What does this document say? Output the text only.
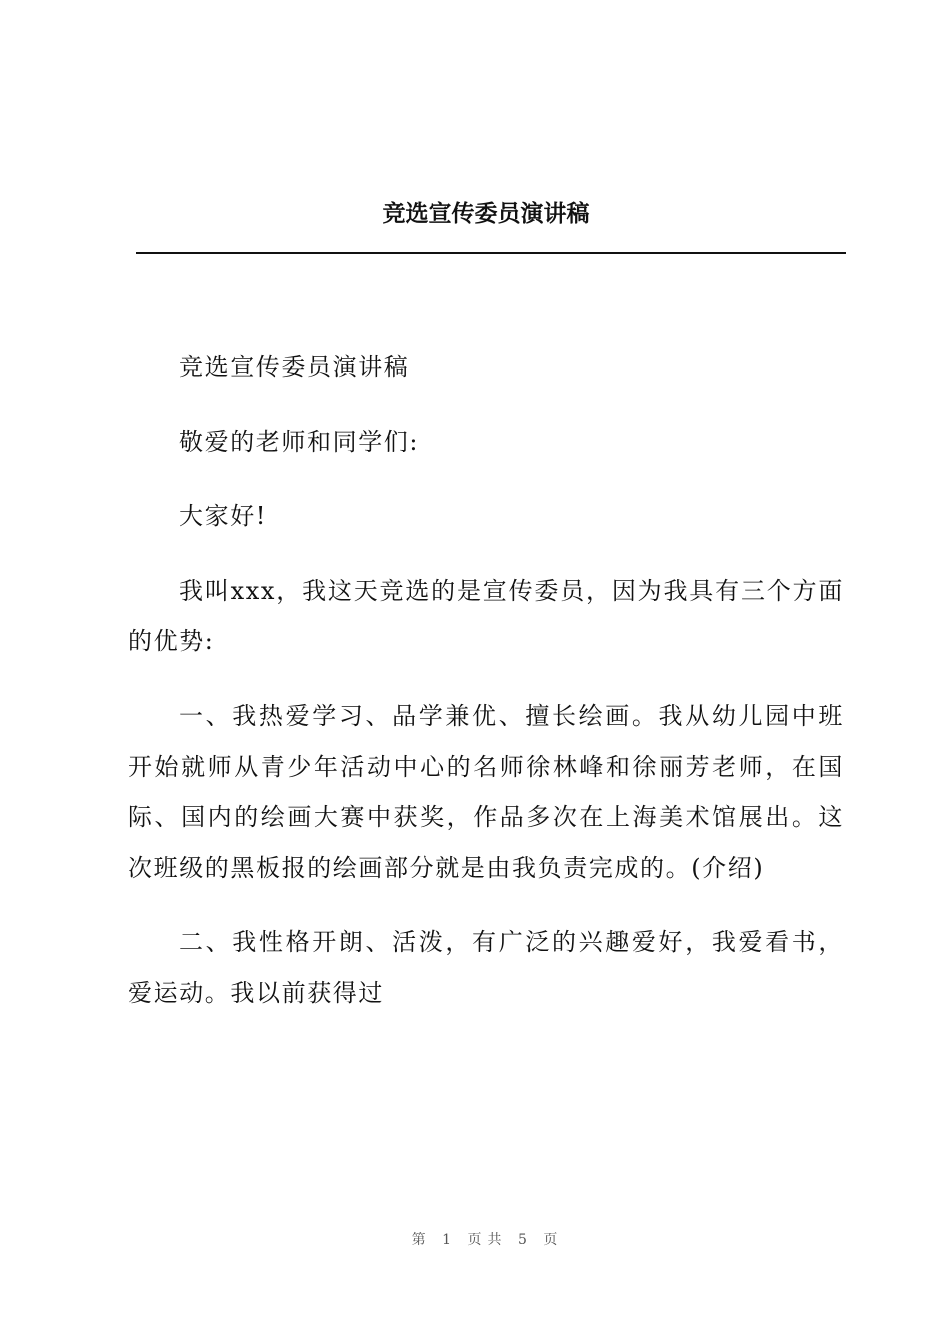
竞选宣传委员演讲稿

竞选宣传委员演讲稿

敬爱的老师和同学们:

大家好!

我叫xxx，我这天竞选的是宣传委员，因为我具有三个方面的优势:

一、我热爱学习、品学兼优、擅长绘画。我从幼儿园中班开始就师从青少年活动中心的名师徐林峰和徐丽芳老师，在国际、国内的绘画大赛中获奖，作品多次在上海美术馆展出。这次班级的黑板报的绘画部分就是由我负责完成的。(介绍)

二、我性格开朗、活泼，有广泛的兴趣爱好，我爱看书，爱运动。我以前获得过

第 1 页共 5 页
